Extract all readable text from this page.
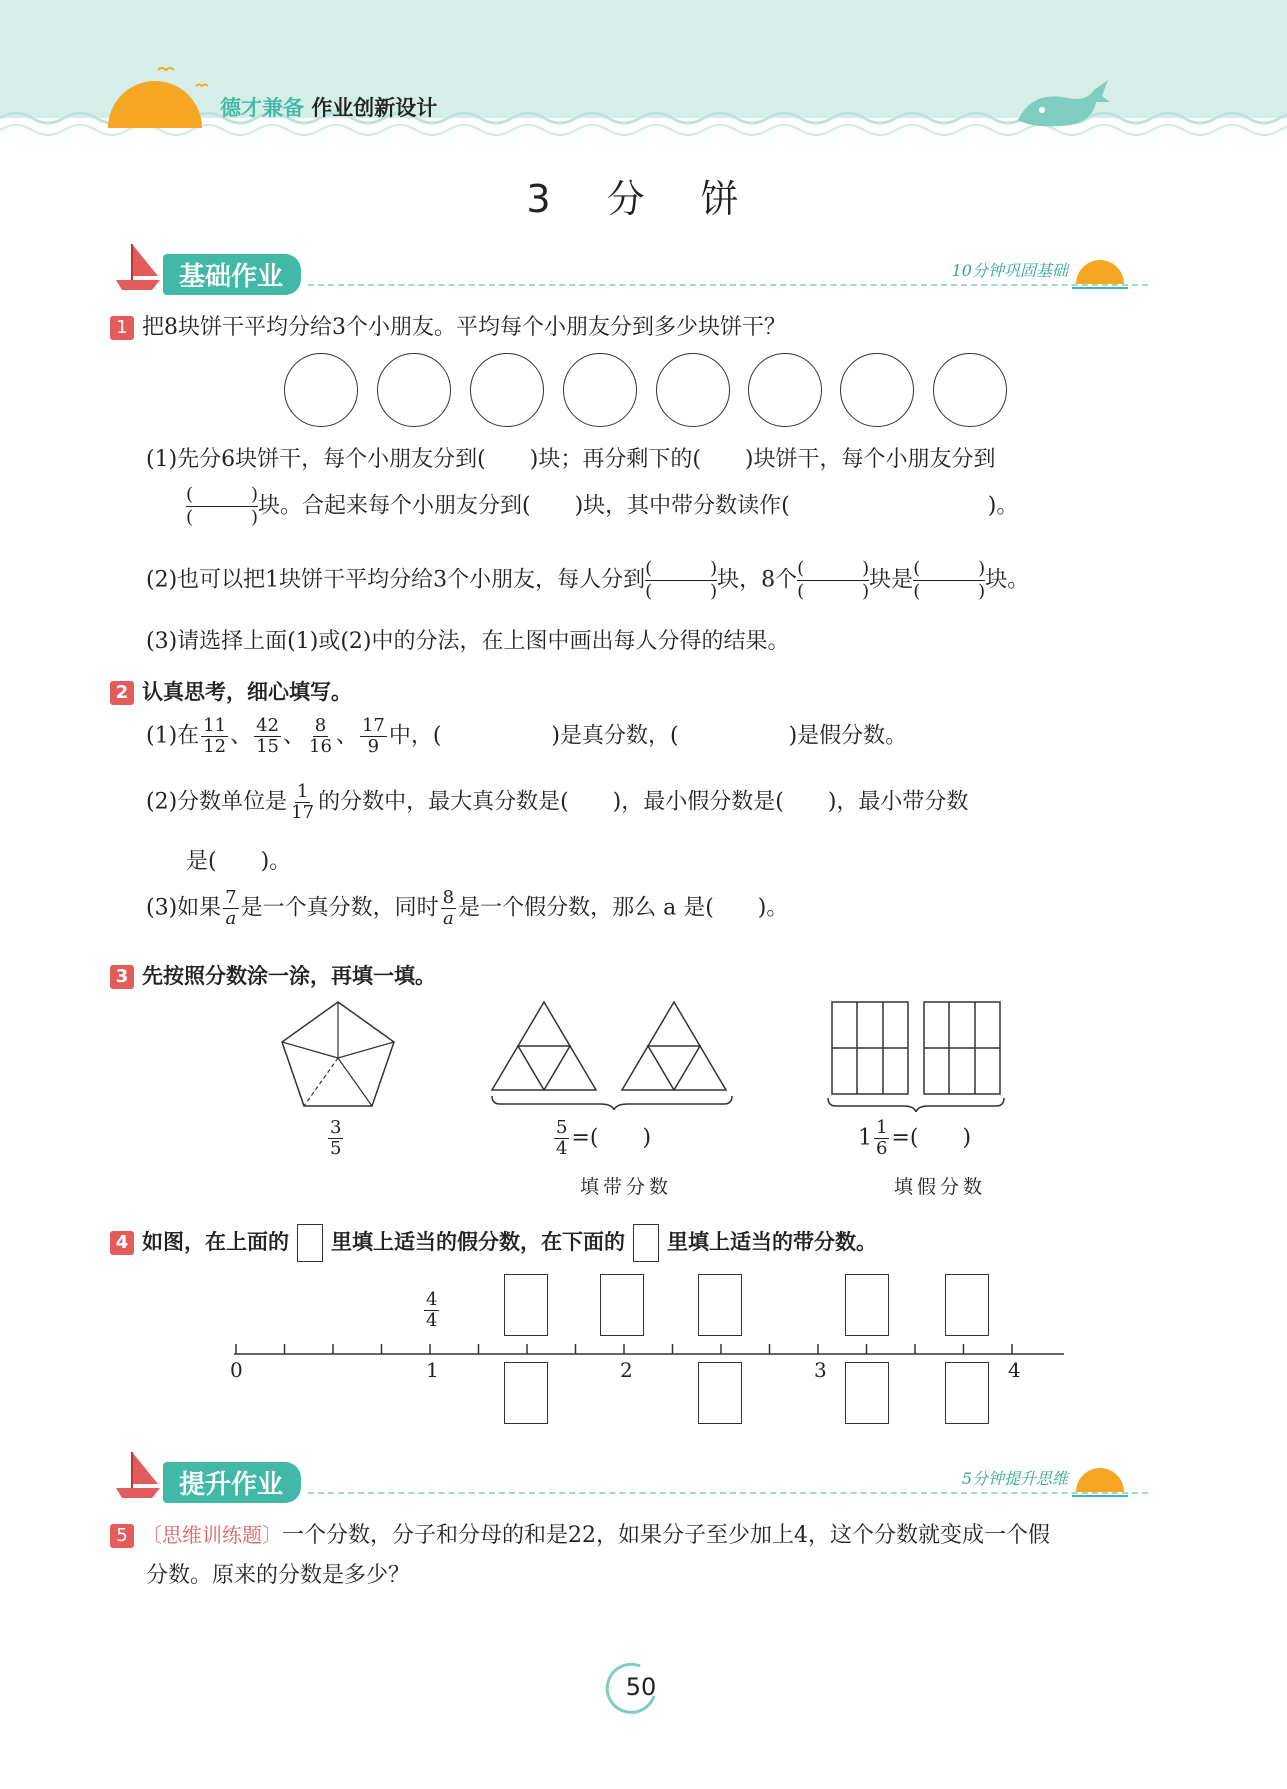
德才兼备 作业创新设计
3 分 饼
基础作业	10分钟巩固基础
1 把8块饼干平均分给3个小朋友。平均每个小朋友分到多少块饼干？
(1)先分6块饼干，每个小朋友分到(　　)块；再分剩下的(　　)块饼干，每个小朋友分到
(	)
(	) 块。合起来每个小朋友分到(　　)块，其中带分数读作(　　　　　　　　　)。
(2)也可以把1块饼干平均分给3个小朋友，每人分到 (	)
(	) 块，8个 (	)
(	) 块是 (	)
(	) 块。
(3)请选择上面(1)或(2)中的分法，在上图中画出每人分得的结果。
2 认真思考，细心填写。
(1)在 $\frac{11}{12}$ 、 $\frac{42}{15}$ 、 $\frac{8}{16}$ 、 $\frac{17}{9}$ 中，(　　　　　)是真分数，(　　　　　)是假分数。
(2)分数单位是 $\frac{1}{17}$ 的分数中，最大真分数是(　　)，最小假分数是(　　)，最小带分数
是(　　)。
(3)如果 $\frac{7}{a}$ 是一个真分数，同时 $\frac{8}{a}$ 是一个假分数，那么 a 是(　　)。
3 先按照分数涂一涂，再填一填。
$\frac{3}{5}$	$\frac{5}{4}$ =(　　)
填带分数
$1 \frac{1}{6}$ =(　　)
填假分数
4 如图，在上面的 里填上适当的假分数，在下面的 里填上适当的带分数。
$\frac{4}{4}$
0	1	2	3	4
提升作业	5分钟提升思维
5 〔思维训练题〕一个分数，分子和分母的和是22，如果分子至少加上4，这个分数就变成一个假
分数。原来的分数是多少？
50
